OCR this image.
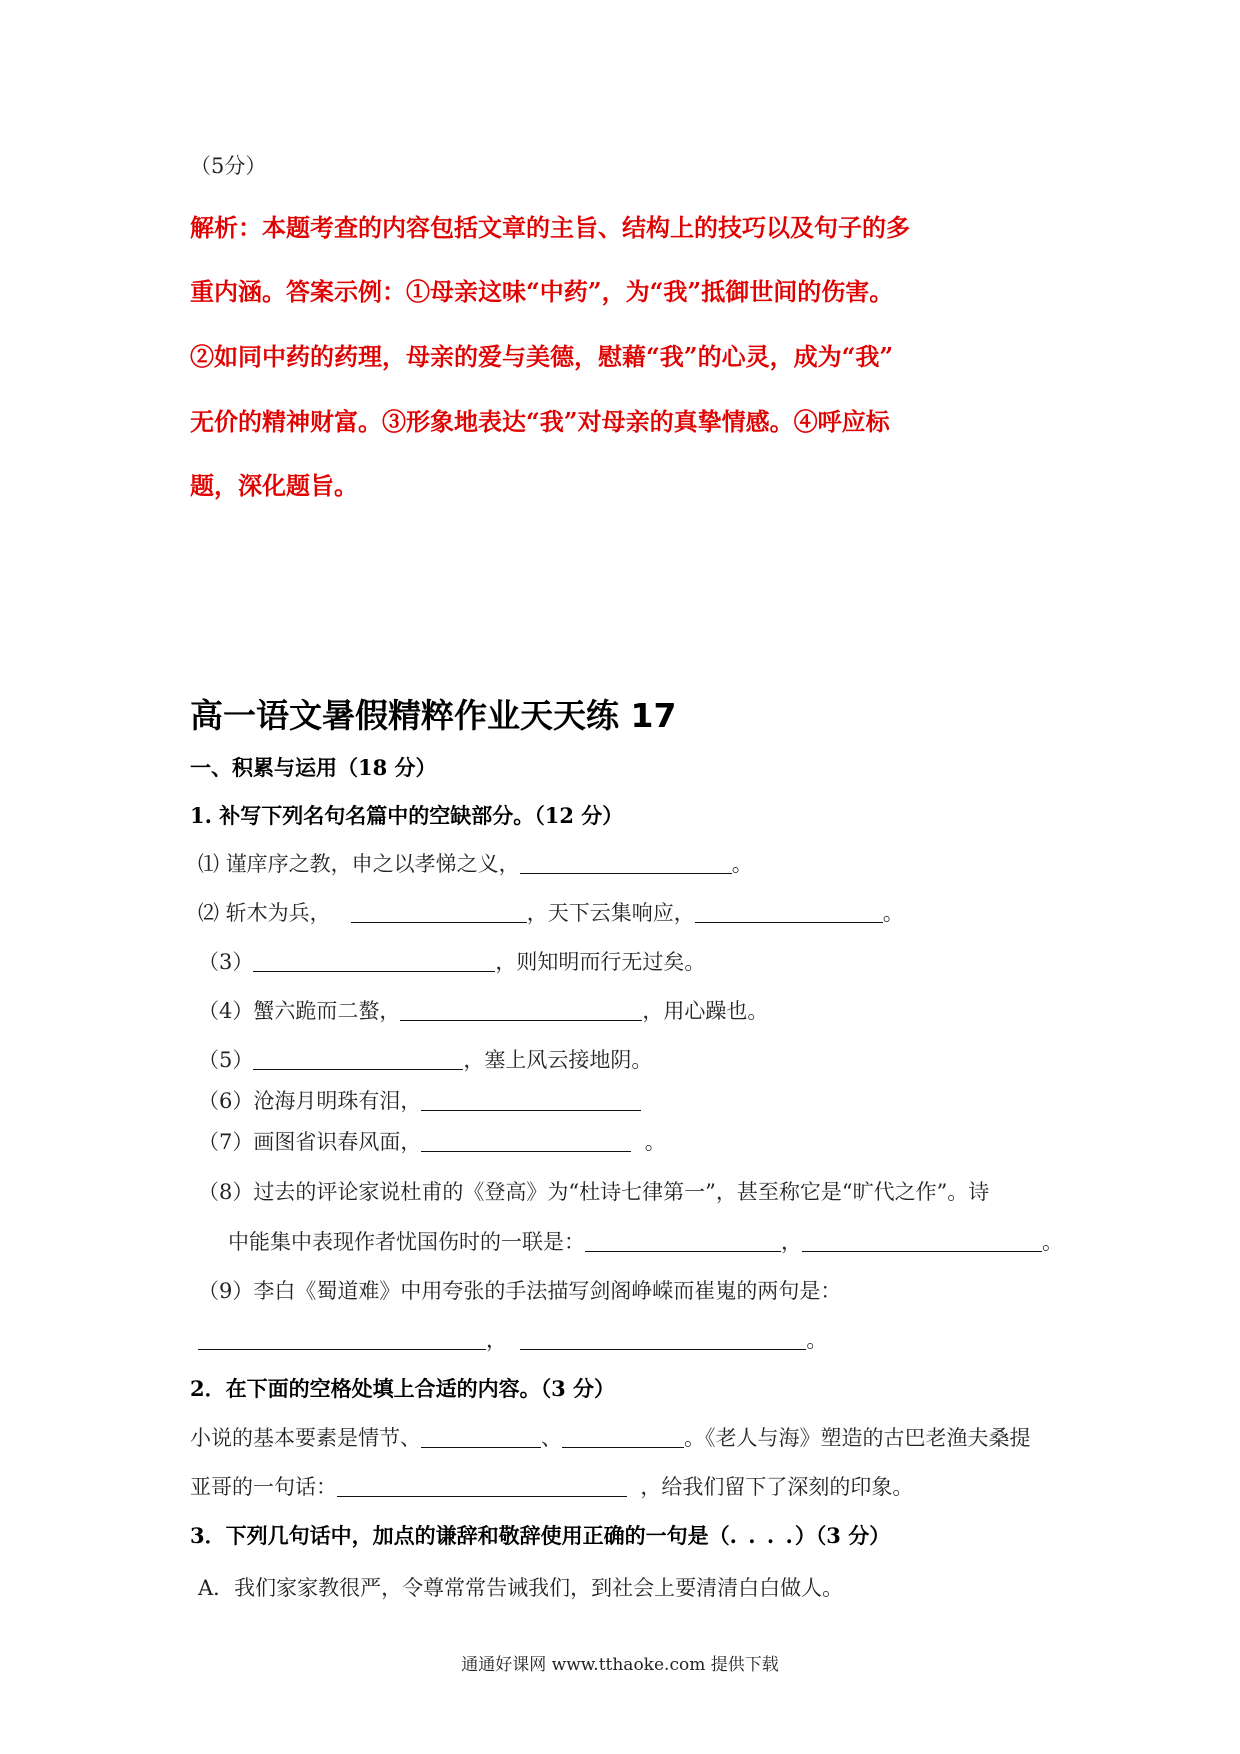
（5分）
解析：本题考查的内容包括文章的主旨、结构上的技巧以及句子的多
重内涵。答案示例：①母亲这味“中药”，为“我”抵御世间的伤害。
②如同中药的药理，母亲的爱与美德，慰藉“我”的心灵，成为“我”
无价的精神财富。③形象地表达“我”对母亲的真挚情感。④呼应标
题，深化题旨。
高一语文暑假精粹作业天天练 17
一、积累与运用（18 分）
1. 补写下列名句名篇中的空缺部分。（12 分）
⑴ 谨庠序之教，申之以孝悌之义，	。
⑵ 斩木为兵，	，天下云集响应，	。
（3）	，则知明而行无过矣。
（4）蟹六跪而二螯，	，用心躁也。
（5）	，塞上风云接地阴。
（6）沧海月明珠有泪，
（7）画图省识春风面，	。
（8）过去的评论家说杜甫的《登高》为“杜诗七律第一”，甚至称它是“旷代之作”。诗
中能集中表现作者忧国伤时的一联是：	，	。
（9）李白《蜀道难》中用夸张的手法描写剑阁峥嵘而崔嵬的两句是：
，	。
2．在下面的空格处填上合适的内容。（3 分）
小说的基本要素是情节、	、	。《老人与海》塑造的古巴老渔夫桑提
亚哥的一句话：	，给我们留下了深刻的印象。
3．下列几句话中，加点的谦辞和敬辞使用正确的一句是（. . . .）（3 分）
A．我们家家教很严，令尊常常告诫我们，到社会上要清清白白做人。
通通好课网 www.tthaoke.com 提供下载
